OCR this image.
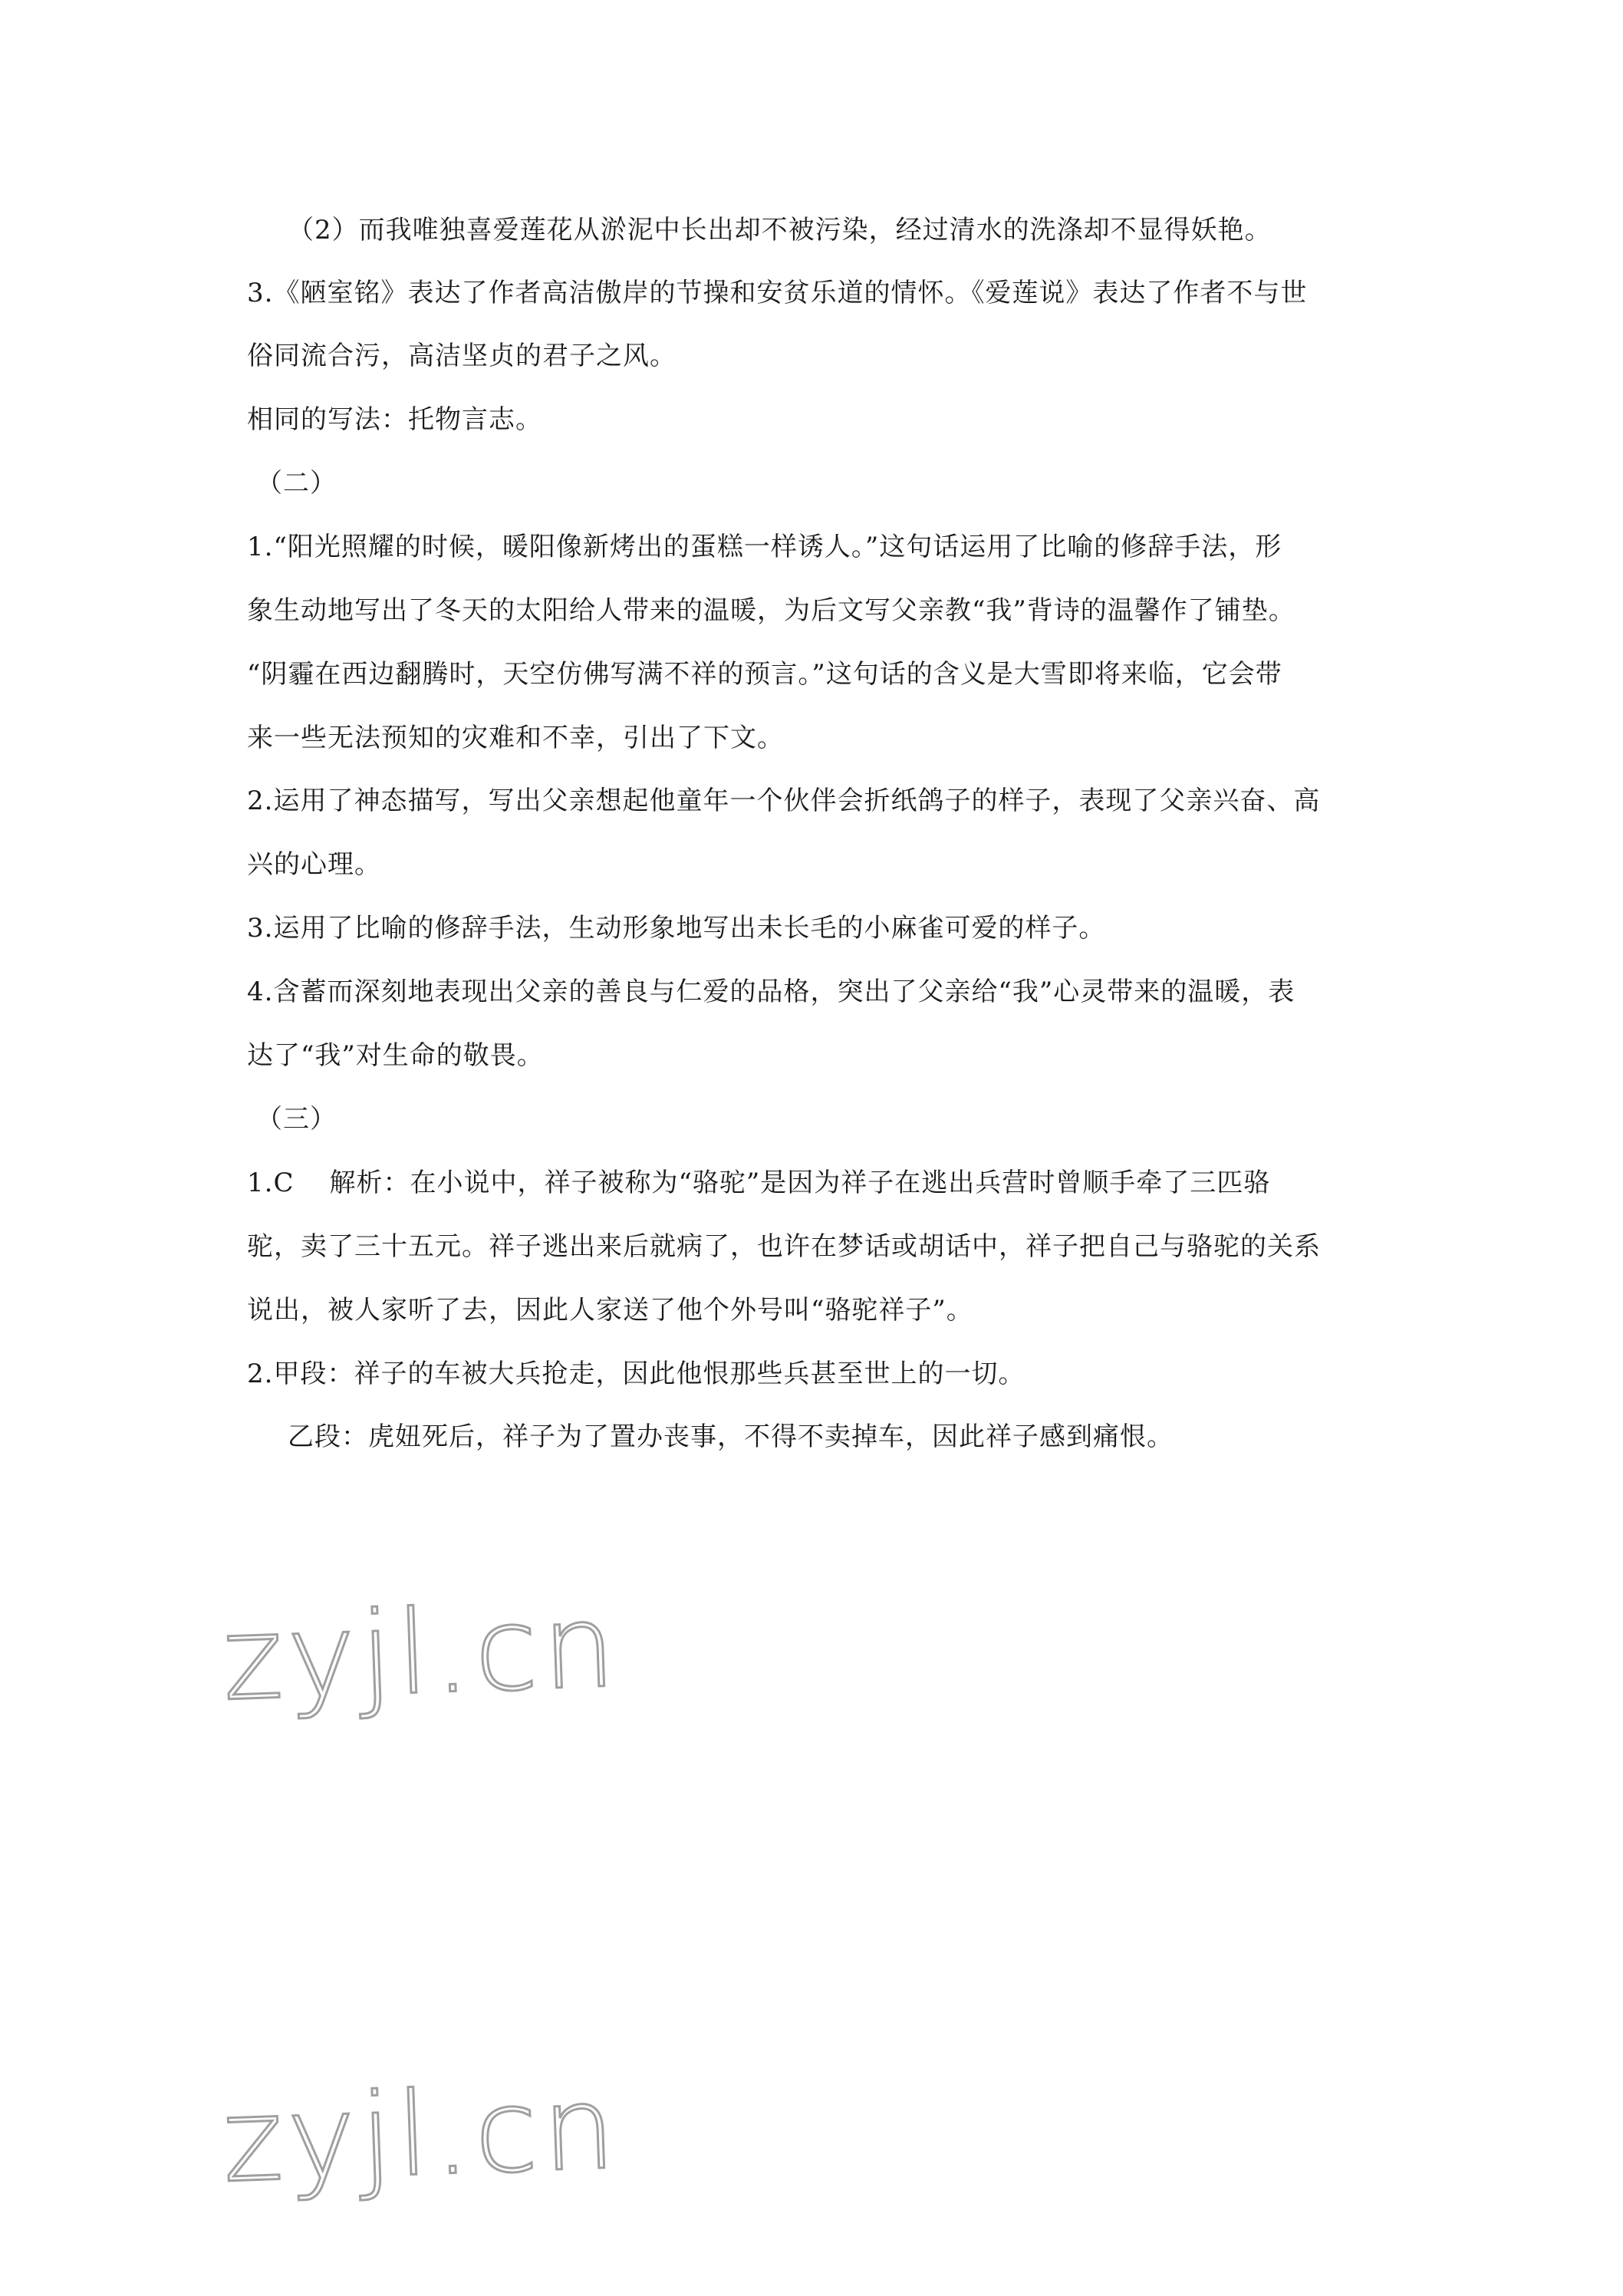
（2）而我唯独喜爱莲花从淤泥中长出却不被污染，经过清水的洗涤却不显得妖艳。
3.《陋室铭》表达了作者高洁傲岸的节操和安贫乐道的情怀。《爱莲说》表达了作者不与世
俗同流合污，高洁坚贞的君子之风。
相同的写法：托物言志。
（二）
1.“阳光照耀的时候，暖阳像新烤出的蛋糕一样诱人。”这句话运用了比喻的修辞手法，形
象生动地写出了冬天的太阳给人带来的温暖，为后文写父亲教“我”背诗的温馨作了铺垫。
“阴霾在西边翻腾时，天空仿佛写满不祥的预言。”这句话的含义是大雪即将来临，它会带
来一些无法预知的灾难和不幸，引出了下文。
2.运用了神态描写，写出父亲想起他童年一个伙伴会折纸鸽子的样子，表现了父亲兴奋、高
兴的心理。
3.运用了比喻的修辞手法，生动形象地写出未长毛的小麻雀可爱的样子。
4.含蓄而深刻地表现出父亲的善良与仁爱的品格，突出了父亲给“我”心灵带来的温暖，表
达了“我”对生命的敬畏。
（三）
1.C 解析：在小说中，祥子被称为“骆驼”是因为祥子在逃出兵营时曾顺手牵了三匹骆
驼，卖了三十五元。祥子逃出来后就病了，也许在梦话或胡话中，祥子把自己与骆驼的关系
说出，被人家听了去，因此人家送了他个外号叫“骆驼祥子”。
2.甲段：祥子的车被大兵抢走，因此他恨那些兵甚至世上的一切。
乙段：虎妞死后，祥子为了置办丧事，不得不卖掉车，因此祥子感到痛恨。
zyjl.cn
zyjl.cn
